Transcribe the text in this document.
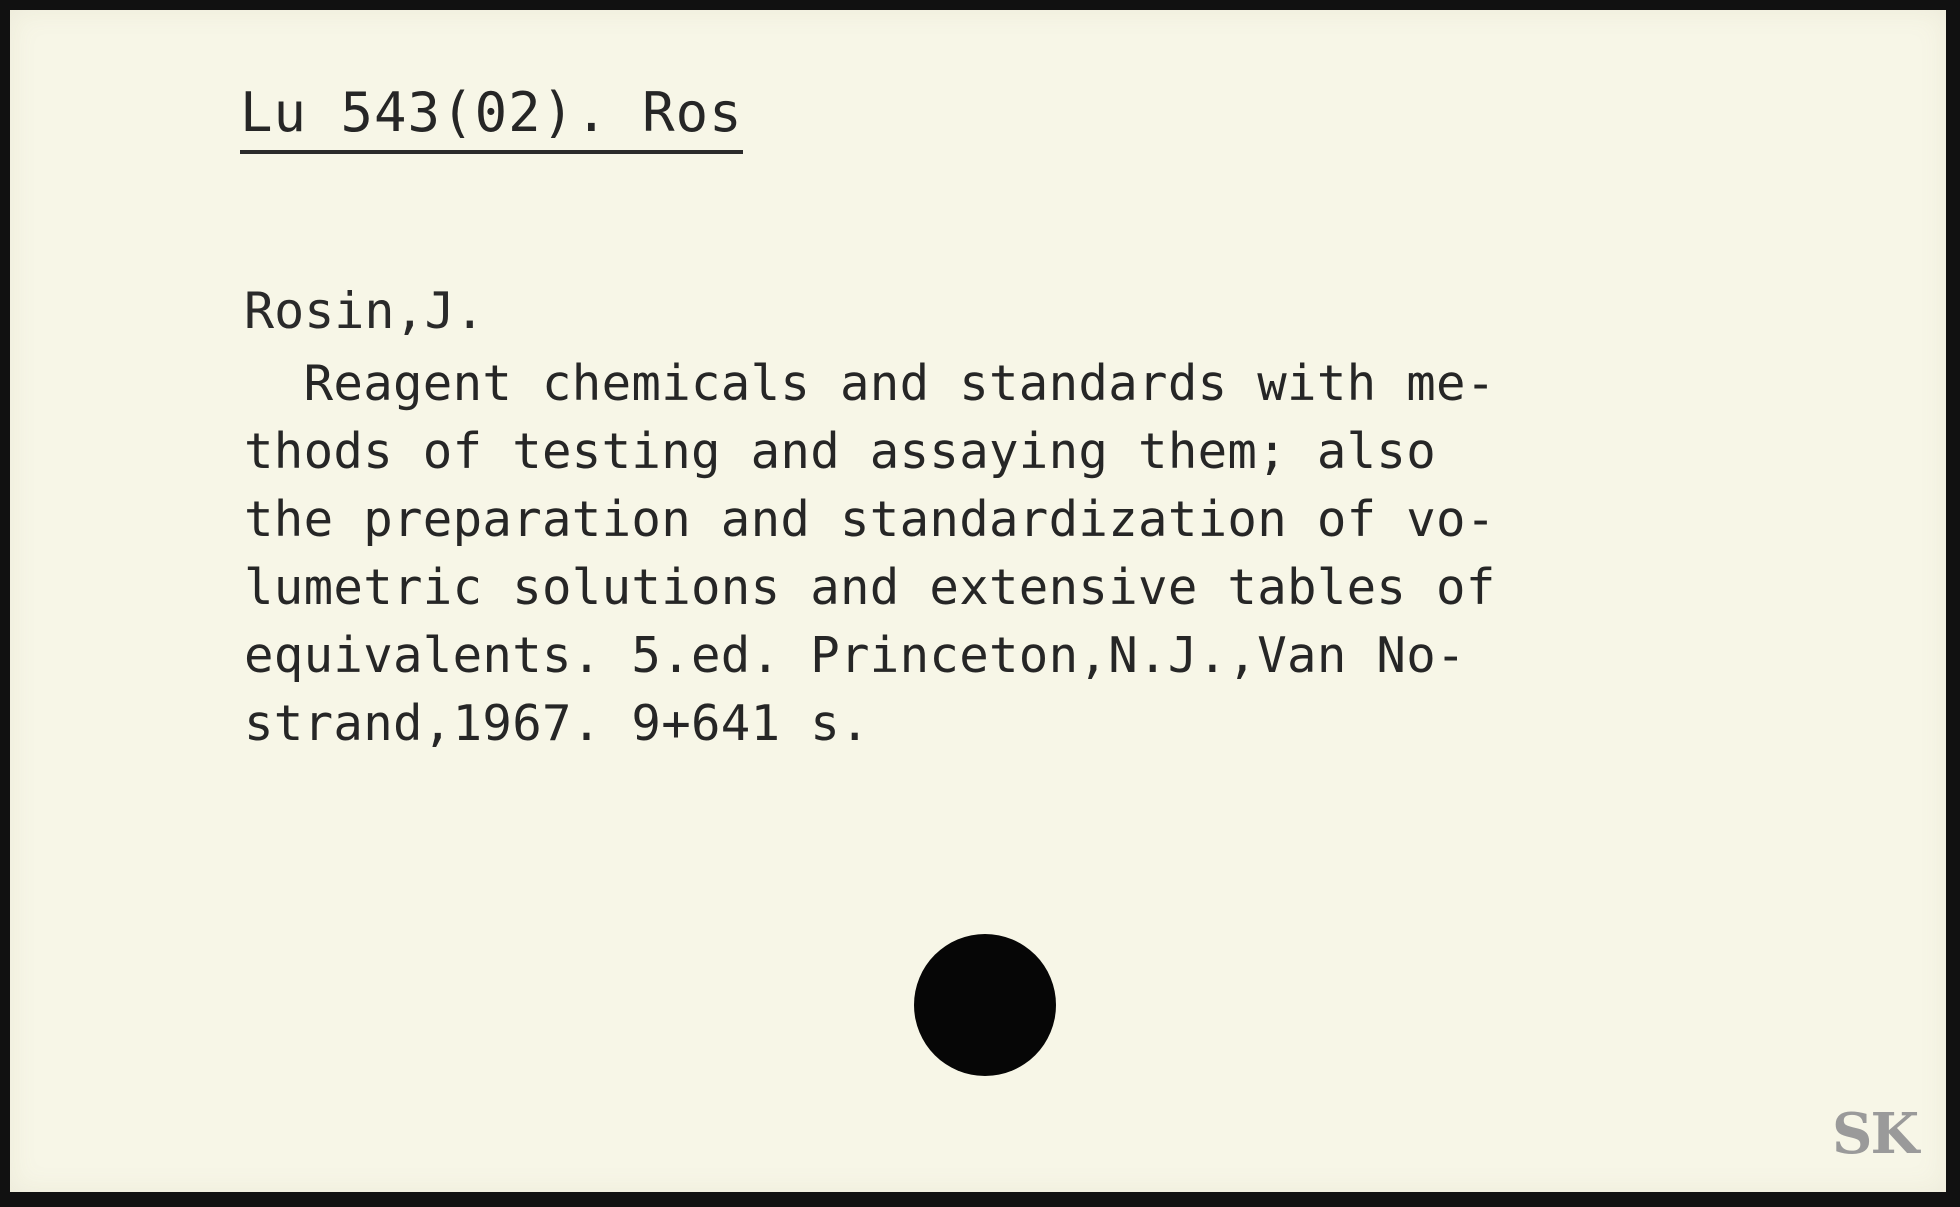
Lu 543(02). Ros
Rosin,J.
Reagent chemicals and standards with me-
thods of testing and assaying them; also
the preparation and standardization of vo-
lumetric solutions and extensive tables of
equivalents. 5.ed. Princeton,N.J.,Van No-
strand,1967. 9+641 s.
SK
